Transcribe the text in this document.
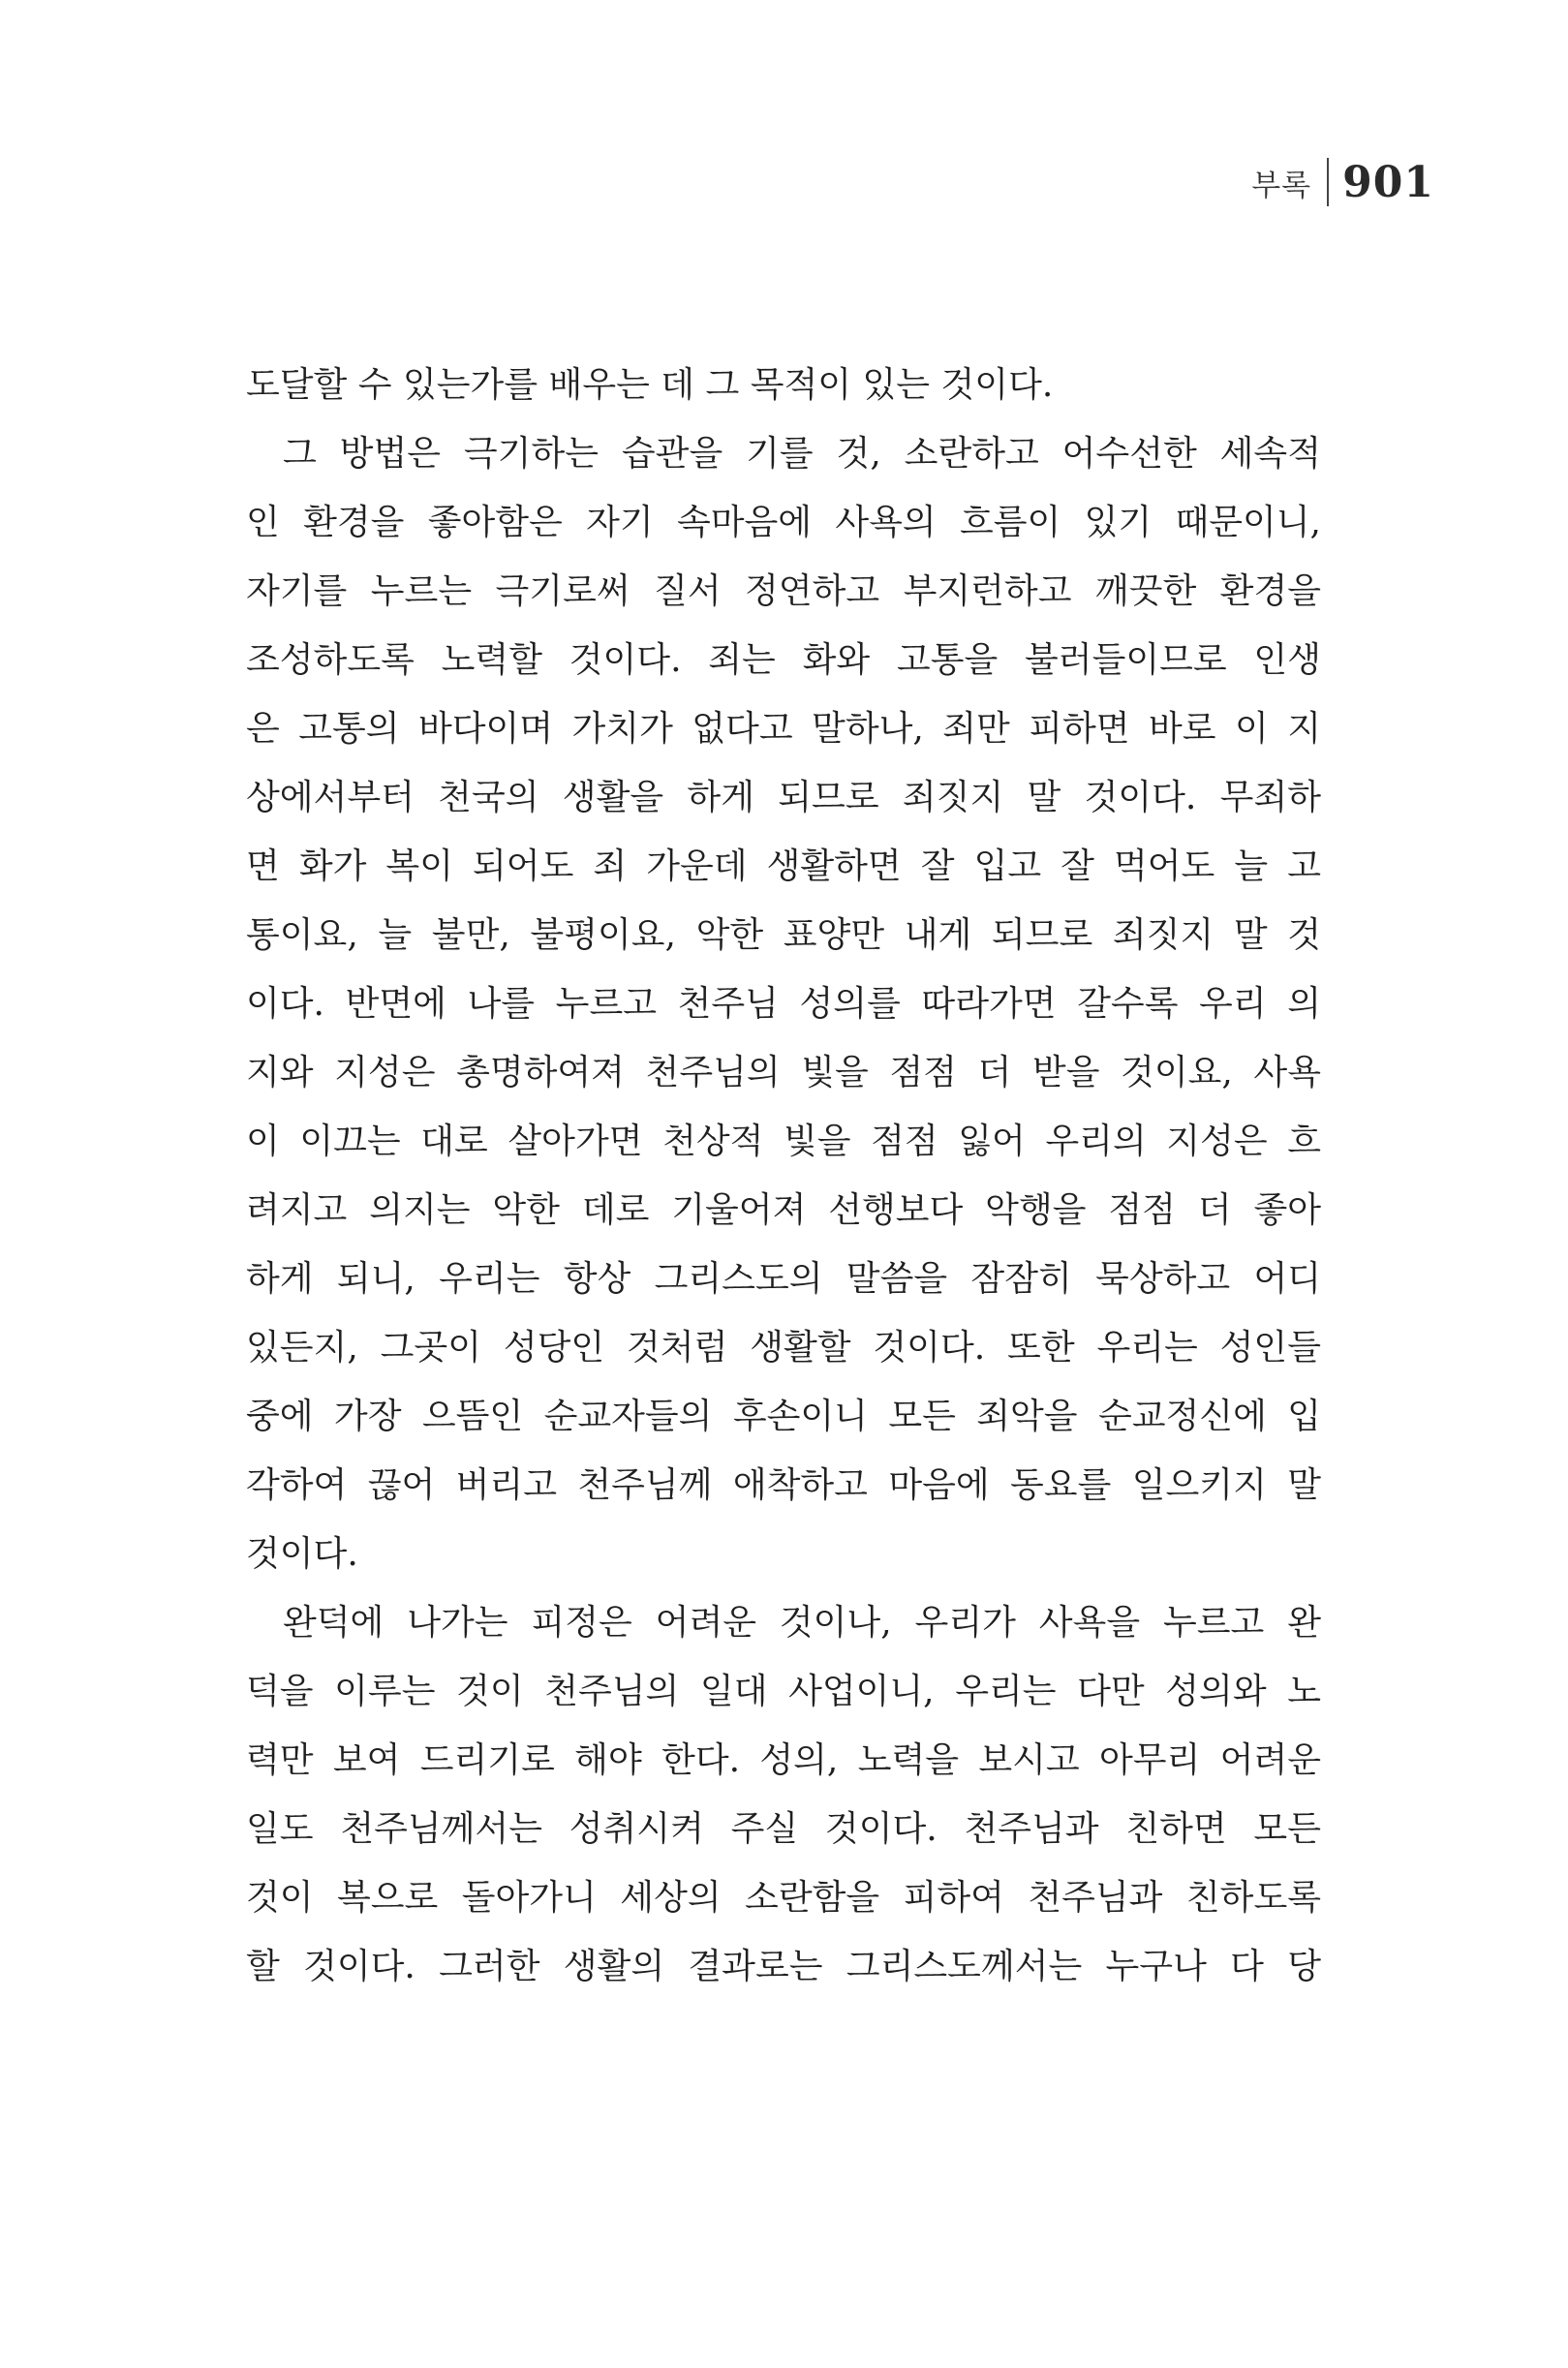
부록 901
도달할 수 있는가를 배우는 데 그 목적이 있는 것이다.
그 방법은 극기하는 습관을 기를 것, 소란하고 어수선한 세속적
인 환경을 좋아함은 자기 속마음에 사욕의 흐름이 있기 때문이니,
자기를 누르는 극기로써 질서 정연하고 부지런하고 깨끗한 환경을
조성하도록 노력할 것이다. 죄는 화와 고통을 불러들이므로 인생
은 고통의 바다이며 가치가 없다고 말하나, 죄만 피하면 바로 이 지
상에서부터 천국의 생활을 하게 되므로 죄짓지 말 것이다. 무죄하
면 화가 복이 되어도 죄 가운데 생활하면 잘 입고 잘 먹어도 늘 고
통이요, 늘 불만, 불평이요, 악한 표양만 내게 되므로 죄짓지 말 것
이다. 반면에 나를 누르고 천주님 성의를 따라가면 갈수록 우리 의
지와 지성은 총명하여져 천주님의 빛을 점점 더 받을 것이요, 사욕
이 이끄는 대로 살아가면 천상적 빛을 점점 잃어 우리의 지성은 흐
려지고 의지는 악한 데로 기울어져 선행보다 악행을 점점 더 좋아
하게 되니, 우리는 항상 그리스도의 말씀을 잠잠히 묵상하고 어디
있든지, 그곳이 성당인 것처럼 생활할 것이다. 또한 우리는 성인들
중에 가장 으뜸인 순교자들의 후손이니 모든 죄악을 순교정신에 입
각하여 끊어 버리고 천주님께 애착하고 마음에 동요를 일으키지 말
것이다.
완덕에 나가는 피정은 어려운 것이나, 우리가 사욕을 누르고 완
덕을 이루는 것이 천주님의 일대 사업이니, 우리는 다만 성의와 노
력만 보여 드리기로 해야 한다. 성의, 노력을 보시고 아무리 어려운
일도 천주님께서는 성취시켜 주실 것이다. 천주님과 친하면 모든
것이 복으로 돌아가니 세상의 소란함을 피하여 천주님과 친하도록
할 것이다. 그러한 생활의 결과로는 그리스도께서는 누구나 다 당
